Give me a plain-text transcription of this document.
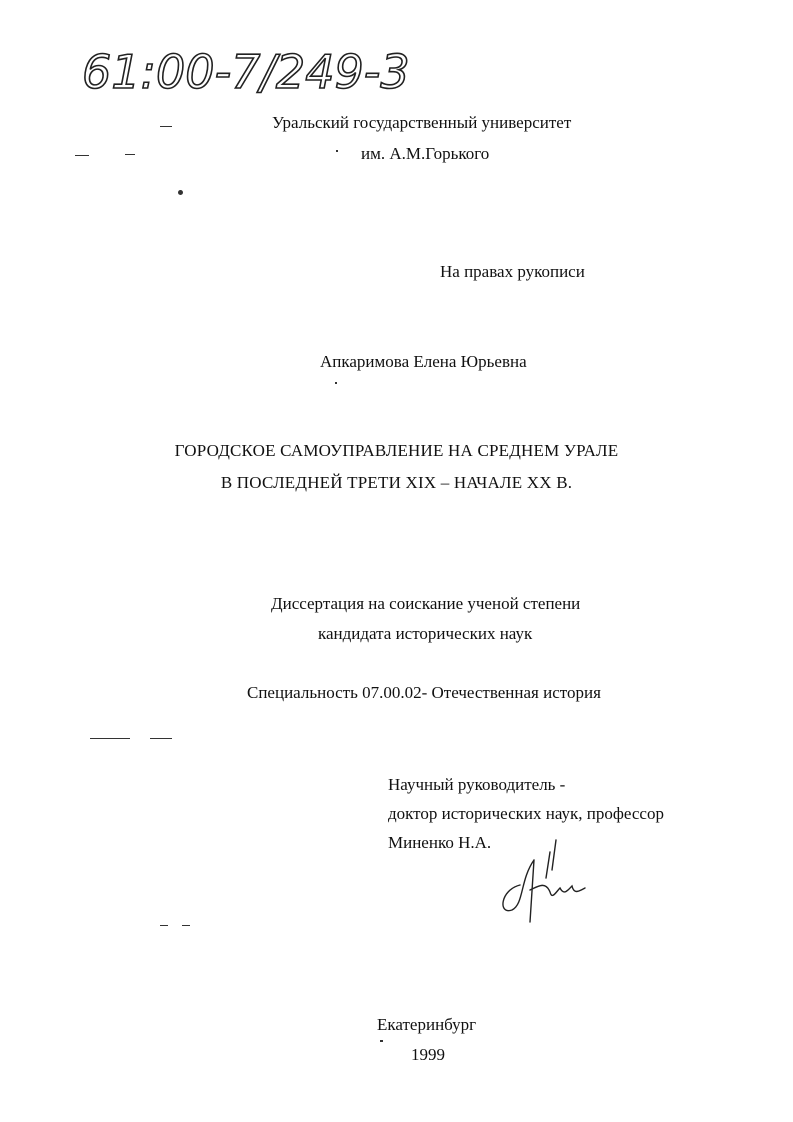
61:00-7/249-3
Уральский государственный университет
им. А.М.Горького
На правах рукописи
Апкаримова Елена Юрьевна
ГОРОДСКОЕ САМОУПРАВЛЕНИЕ НА СРЕДНЕМ УРАЛЕ
В ПОСЛЕДНЕЙ ТРЕТИ XIX – НАЧАЛЕ XX В.
Диссертация на соискание ученой степени
кандидата исторических наук
Специальность 07.00.02- Отечественная история
Научный руководитель -
доктор исторических наук, профессор
Миненко Н.А.
Екатеринбург
1999
